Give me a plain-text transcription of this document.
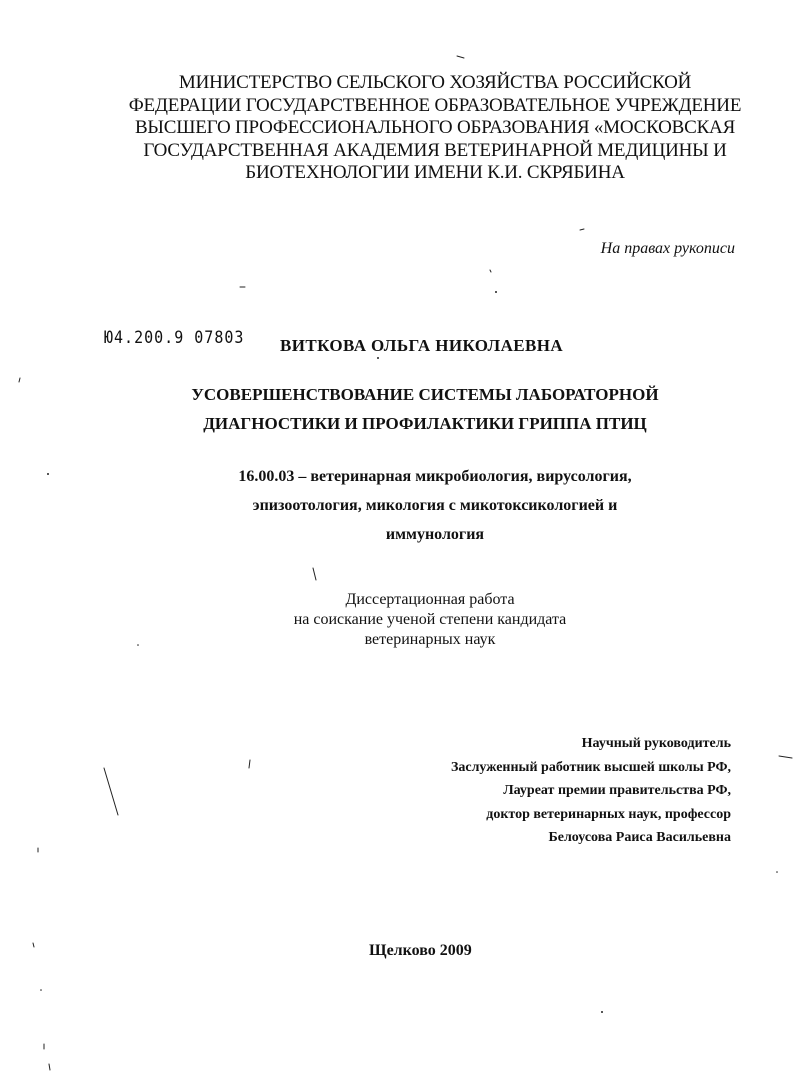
МИНИСТЕРСТВО СЕЛЬСКОГО ХОЗЯЙСТВА РОССИЙСКОЙ
ФЕДЕРАЦИИ ГОСУДАРСТВЕННОЕ ОБРАЗОВАТЕЛЬНОЕ УЧРЕЖДЕНИЕ
ВЫСШЕГО ПРОФЕССИОНАЛЬНОГО ОБРАЗОВАНИЯ «МОСКОВСКАЯ
ГОСУДАРСТВЕННАЯ АКАДЕМИЯ ВЕТЕРИНАРНОЙ МЕДИЦИНЫ И
БИОТЕХНОЛОГИИ ИМЕНИ К.И. СКРЯБИНА
На правах рукописи
Ю4.200.9 07803 ВИТКОВА ОЛЬГА НИКОЛАЕВНА
УСОВЕРШЕНСТВОВАНИЕ СИСТЕМЫ ЛАБОРАТОРНОЙ
ДИАГНОСТИКИ И ПРОФИЛАКТИКИ ГРИППА ПТИЦ
16.00.03 – ветеринарная микробиология, вирусология,
эпизоотология, микология с микотоксикологией и
иммунология
Диссертационная работа
на соискание ученой степени кандидата
ветеринарных наук
Научный руководитель
Заслуженный работник высшей школы РФ,
Лауреат премии правительства РФ,
доктор ветеринарных наук, профессор
Белоусова Раиса Васильевна
Щелково 2009
